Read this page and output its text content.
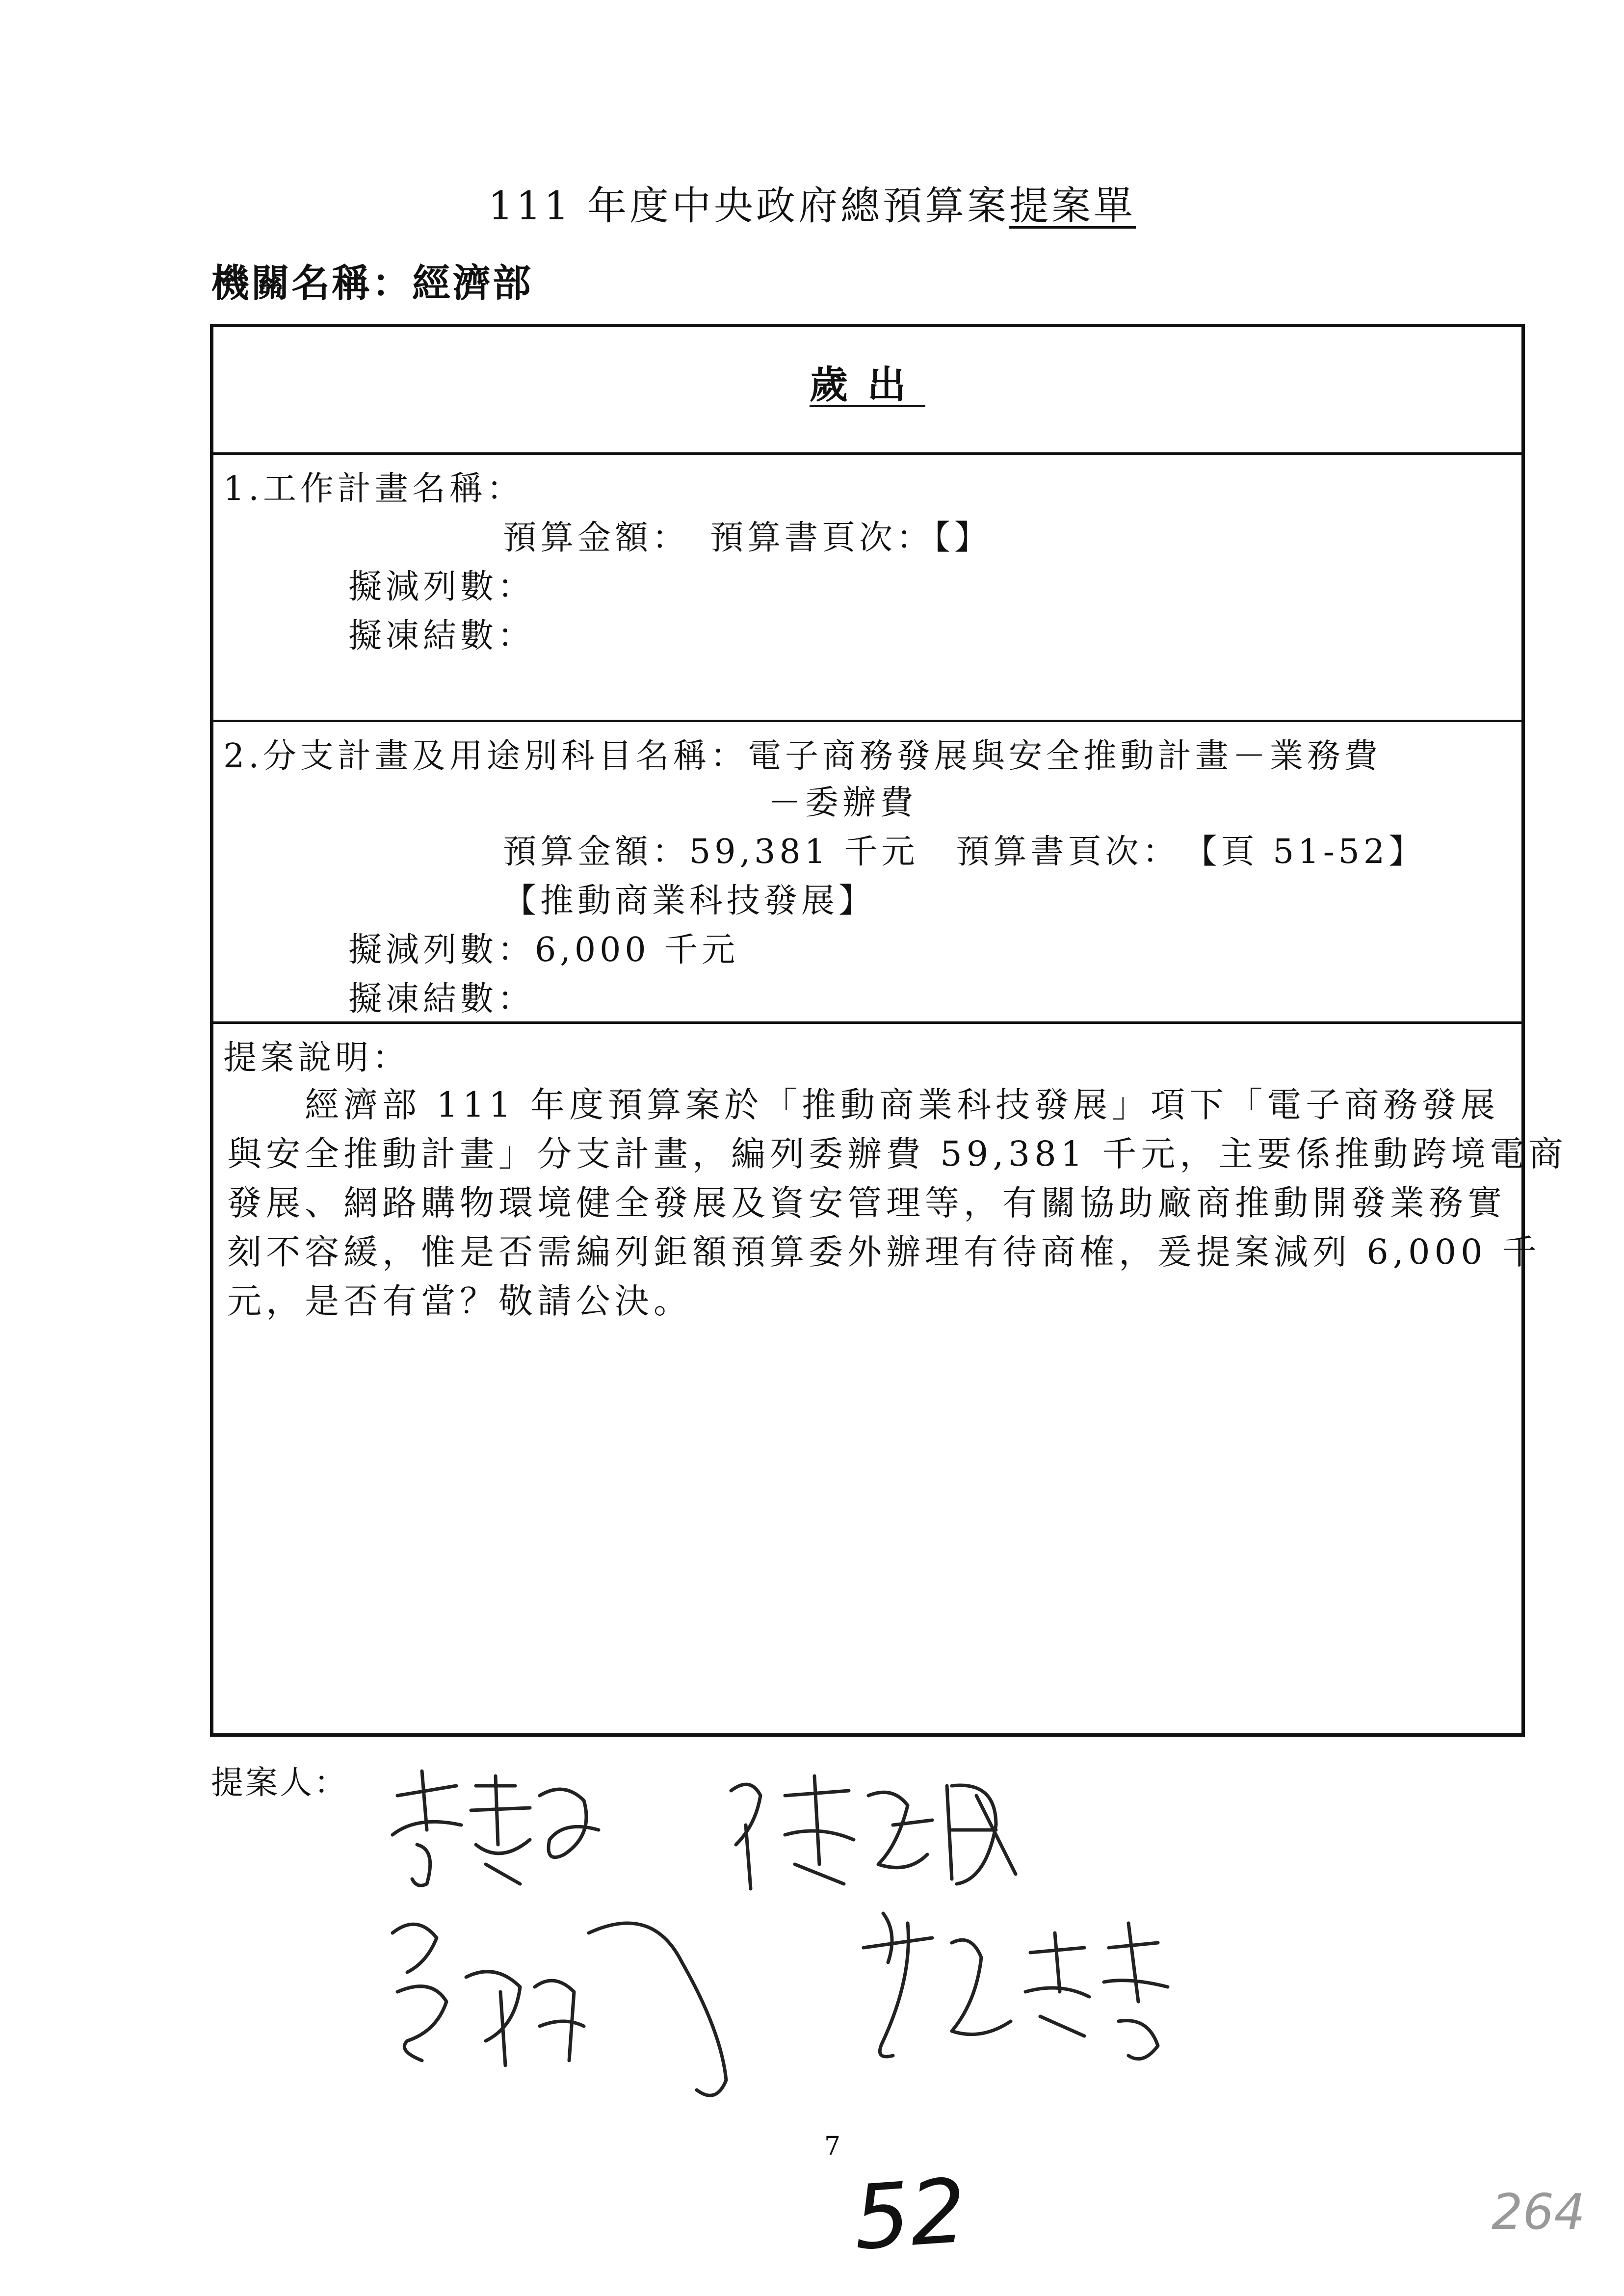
111 年度中央政府總預算案提案單
機關名稱：經濟部
歲出
1.工作計畫名稱：
預算金額：　預算書頁次：【】
擬減列數：
擬凍結數：
2.分支計畫及用途別科目名稱：電子商務發展與安全推動計畫－業務費
－委辦費
預算金額：59,381 千元　預算書頁次：　【頁 51-52】
【推動商業科技發展】
擬減列數：6,000 千元
擬凍結數：
提案說明：
　　經濟部 111 年度預算案於「推動商業科技發展」項下「電子商務發展
與安全推動計畫」分支計畫，編列委辦費 59,381 千元，主要係推動跨境電商
發展、網路購物環境健全發展及資安管理等，有關協助廠商推動開發業務實
刻不容緩，惟是否需編列鉅額預算委外辦理有待商榷，爰提案減列 6,000 千
元，是否有當？敬請公決。
提案人：
7
52	264
